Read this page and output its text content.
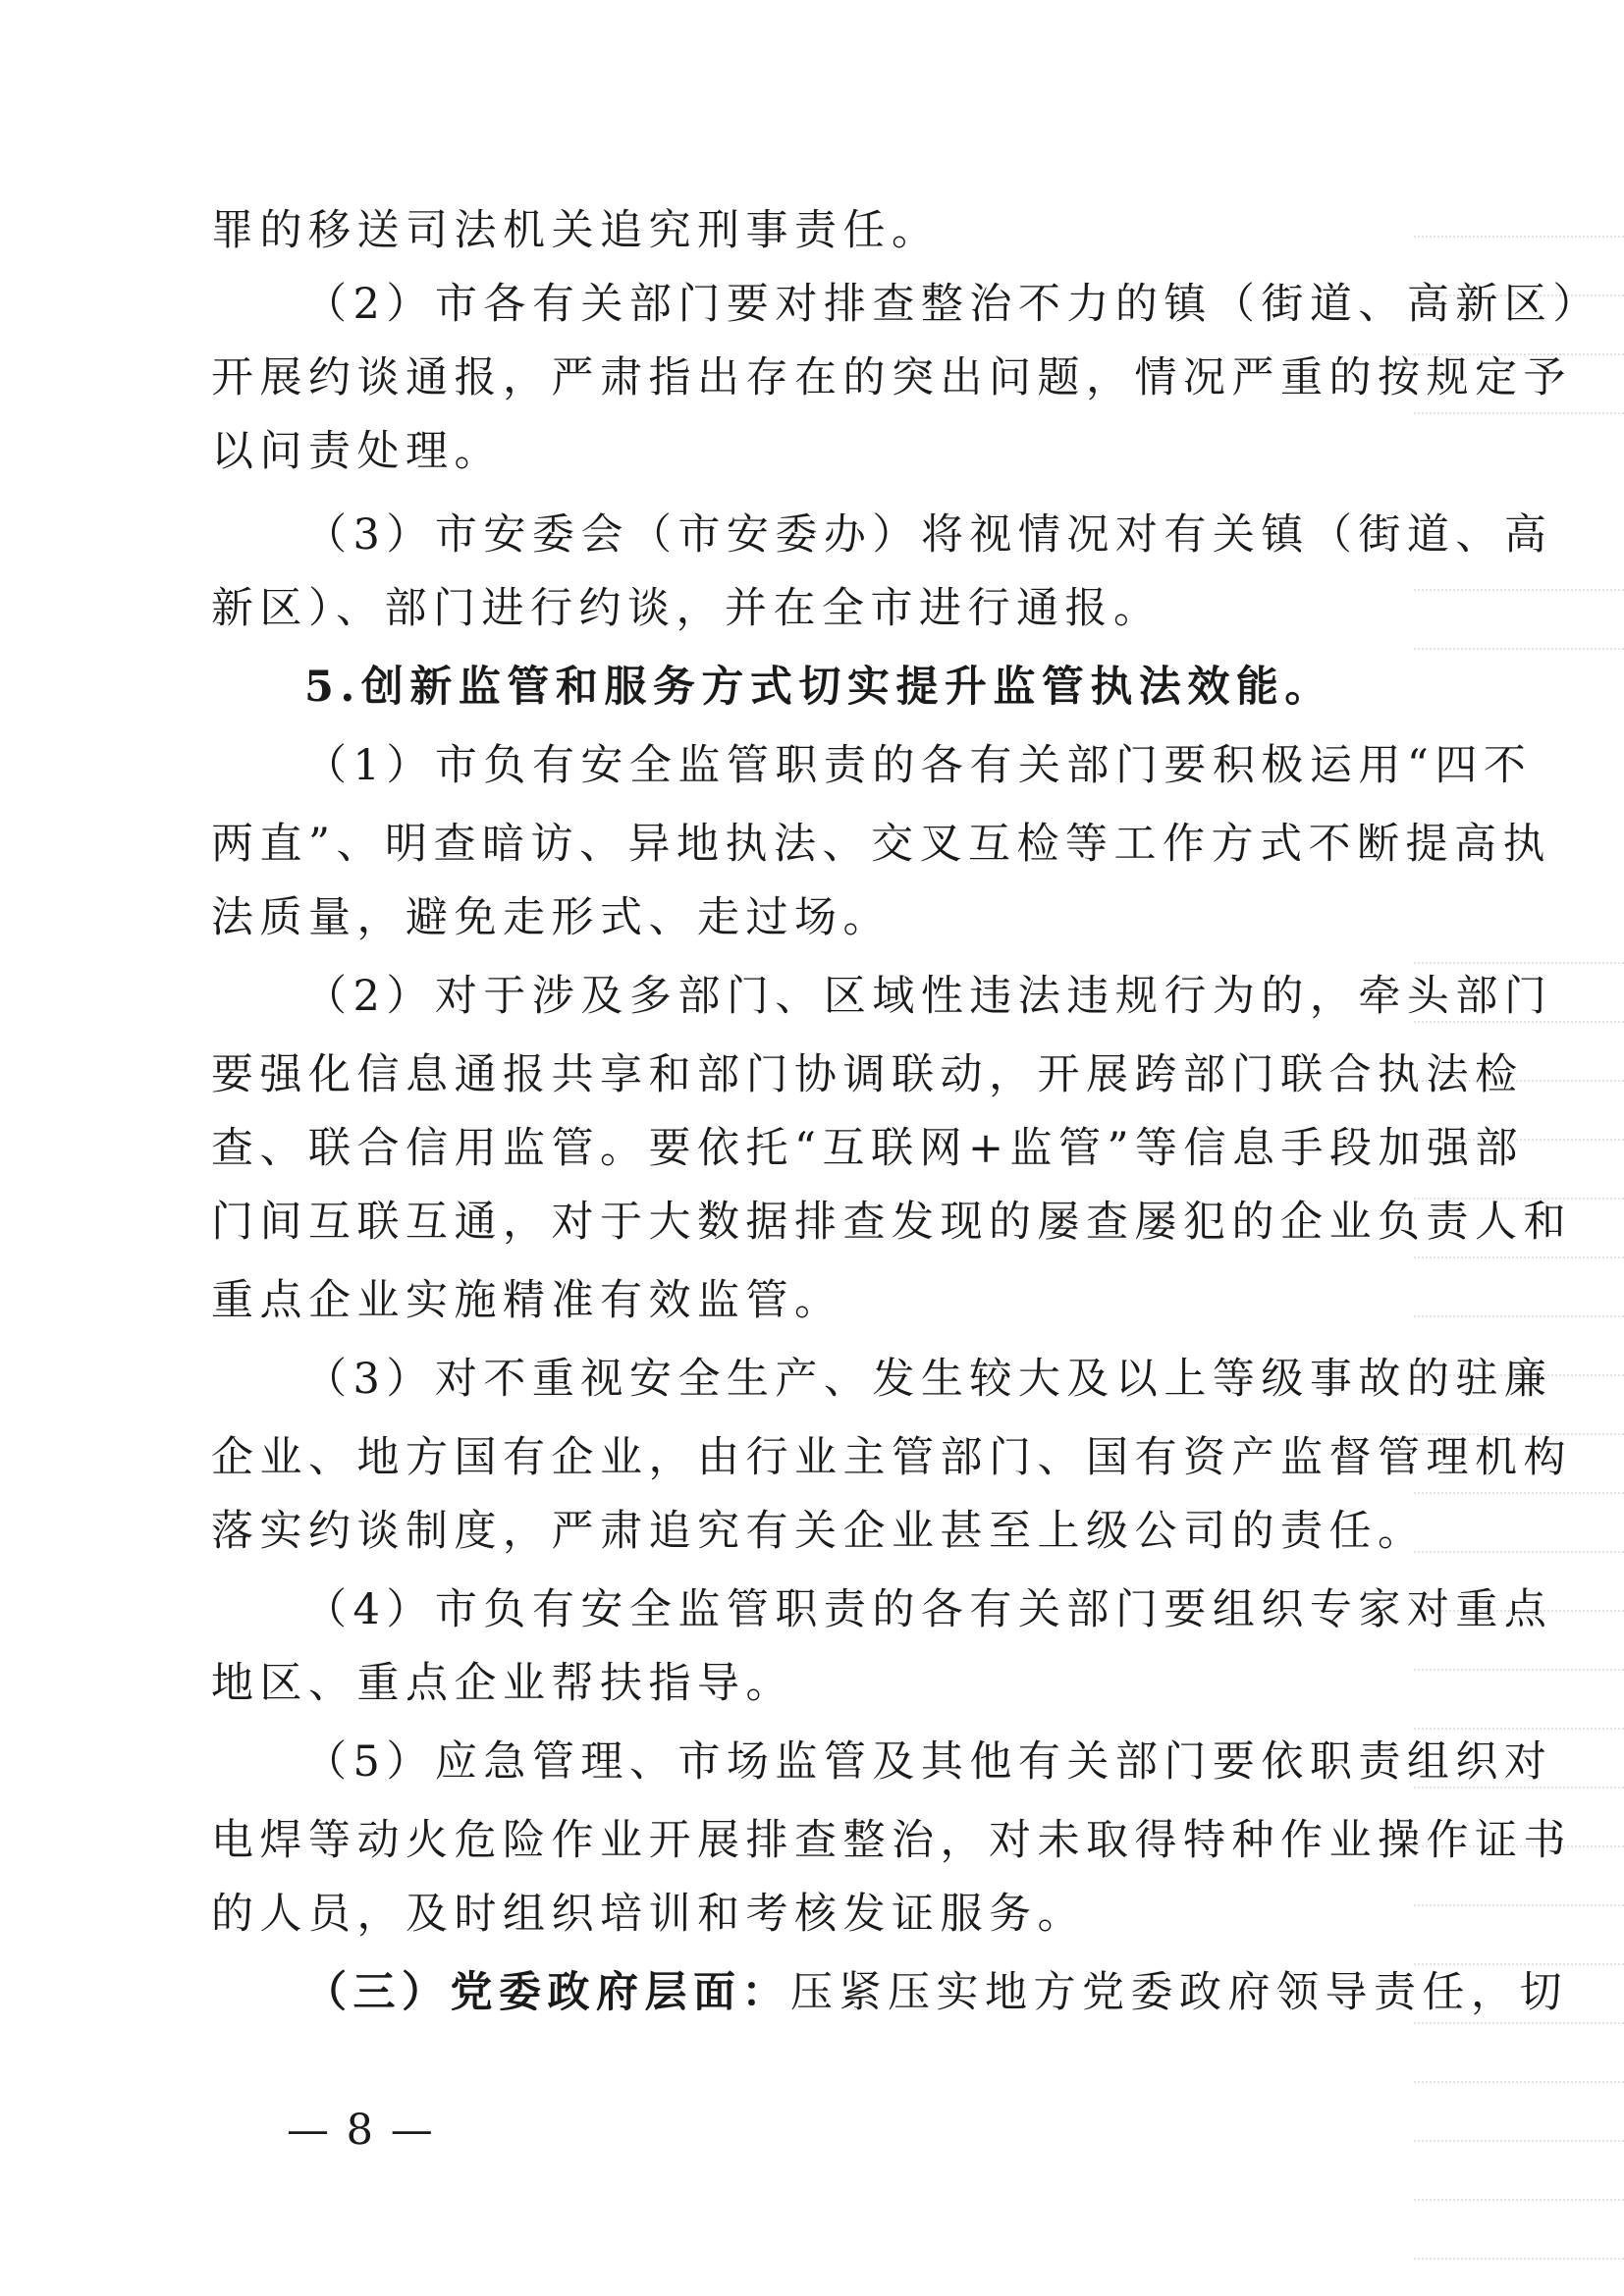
罪的移送司法机关追究刑事责任。
（2）市各有关部门要对排查整治不力的镇（街道、高新区）
开展约谈通报，严肃指出存在的突出问题，情况严重的按规定予
以问责处理。
（3）市安委会（市安委办）将视情况对有关镇（街道、高
新区）、部门进行约谈，并在全市进行通报。
5.创新监管和服务方式切实提升监管执法效能。
（1）市负有安全监管职责的各有关部门要积极运用“四不
两直”、明查暗访、异地执法、交叉互检等工作方式不断提高执
法质量，避免走形式、走过场。
（2）对于涉及多部门、区域性违法违规行为的，牵头部门
要强化信息通报共享和部门协调联动，开展跨部门联合执法检
查、联合信用监管。要依托“互联网+监管”等信息手段加强部
门间互联互通，对于大数据排查发现的屡查屡犯的企业负责人和
重点企业实施精准有效监管。
（3）对不重视安全生产、发生较大及以上等级事故的驻廉
企业、地方国有企业，由行业主管部门、国有资产监督管理机构
落实约谈制度，严肃追究有关企业甚至上级公司的责任。
（4）市负有安全监管职责的各有关部门要组织专家对重点
地区、重点企业帮扶指导。
（5）应急管理、市场监管及其他有关部门要依职责组织对
电焊等动火危险作业开展排查整治，对未取得特种作业操作证书
的人员，及时组织培训和考核发证服务。
（三）党委政府层面：压紧压实地方党委政府领导责任，切
— 8 —
